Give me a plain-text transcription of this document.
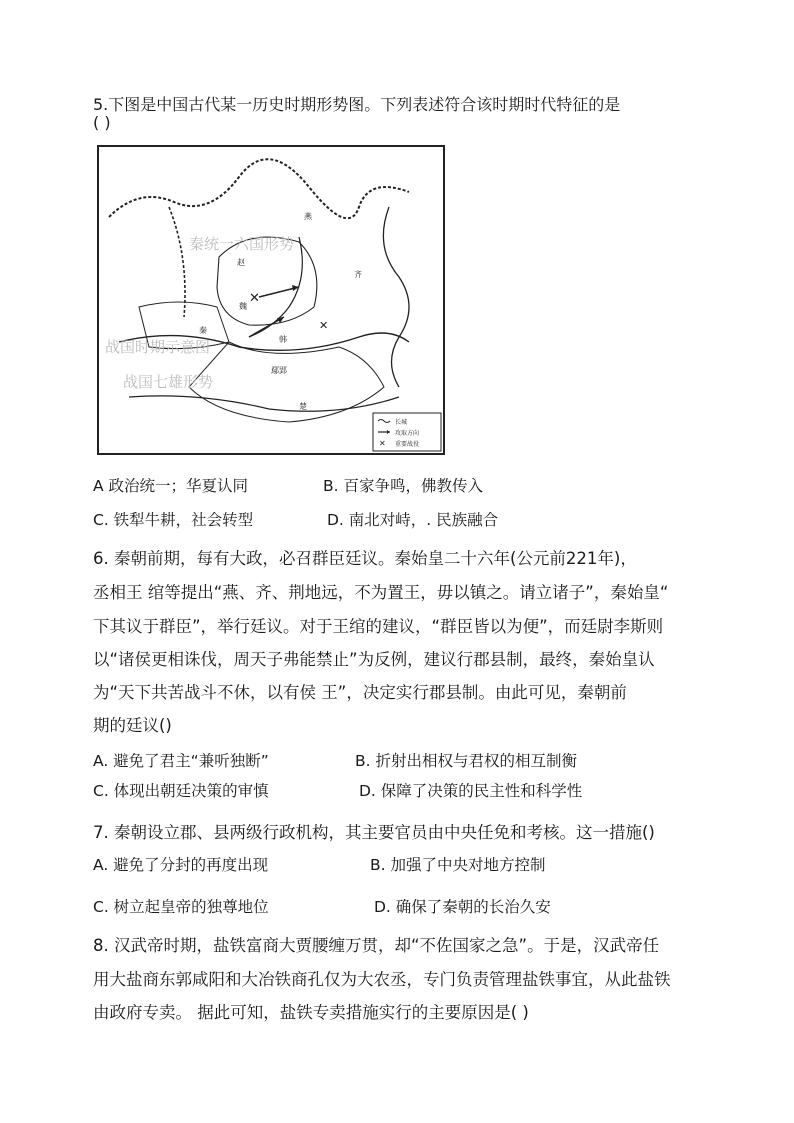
5.下图是中国古代某一历史时期形势图。下列表述符合该时期时代特征的是
( )
✕
✕
秦统一六国形势
战国时期示意图
战国七雄形势
燕
赵
魏
韩
秦
楚
齐
鄢郢
长城
攻取方向
✕ 重要战役
A 政治统一；华夏认同	B. 百家争鸣，佛教传入
C. 铁犁牛耕，社会转型	D. 南北对峙，. 民族融合
6. 秦朝前期，每有大政，必召群臣廷议。秦始皇二十六年(公元前221年)，
丞相王 绾等提出“燕、齐、荆地远，不为置王，毋以镇之。请立诸子”，秦始皇“
下其议于群臣”，举行廷议。对于王绾的建议，“群臣皆以为便”，而廷尉李斯则
以“诸侯更相诛伐，周天子弗能禁止”为反例，建议行郡县制，最终，秦始皇认
为“天下共苦战斗不休，以有侯 王”，决定实行郡县制。由此可见，秦朝前
期的廷议()
A. 避免了君主“兼听独断”	B. 折射出相权与君权的相互制衡
C. 体现出朝廷决策的审慎	D. 保障了决策的民主性和科学性
7. 秦朝设立郡、县两级行政机构，其主要官员由中央任免和考核。这一措施()
A. 避免了分封的再度出现	B. 加强了中央对地方控制
C. 树立起皇帝的独尊地位	D. 确保了秦朝的长治久安
8. 汉武帝时期，盐铁富商大贾腰缠万贯，却“不佐国家之急”。于是，汉武帝任
用大盐商东郭咸阳和大冶铁商孔仅为大农丞，专门负责管理盐铁事宜，从此盐铁
由政府专卖。 据此可知，盐铁专卖措施实行的主要原因是( )
